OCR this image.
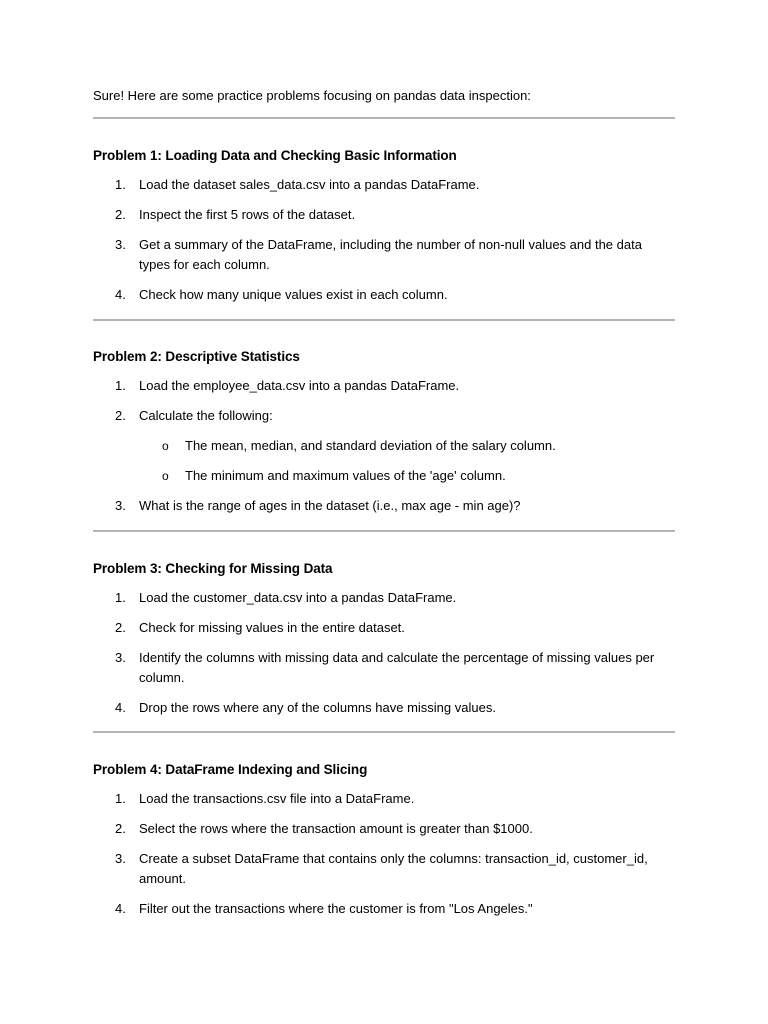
Sure! Here are some practice problems focusing on pandas data inspection:

Problem 1: Loading Data and Checking Basic Information
1. Load the dataset sales_data.csv into a pandas DataFrame.
2. Inspect the first 5 rows of the dataset.
3. Get a summary of the DataFrame, including the number of non-null values and the data types for each column.
4. Check how many unique values exist in each column.
Problem 2: Descriptive Statistics
1. Load the employee_data.csv into a pandas DataFrame.
2. Calculate the following:
o The mean, median, and standard deviation of the salary column.
o The minimum and maximum values of the 'age' column.
3. What is the range of ages in the dataset (i.e., max age - min age)?
Problem 3: Checking for Missing Data
1. Load the customer_data.csv into a pandas DataFrame.
2. Check for missing values in the entire dataset.
3. Identify the columns with missing data and calculate the percentage of missing values per column.
4. Drop the rows where any of the columns have missing values.
Problem 4: DataFrame Indexing and Slicing
1. Load the transactions.csv file into a DataFrame.
2. Select the rows where the transaction amount is greater than $1000.
3. Create a subset DataFrame that contains only the columns: transaction_id, customer_id, amount.
4. Filter out the transactions where the customer is from "Los Angeles."
